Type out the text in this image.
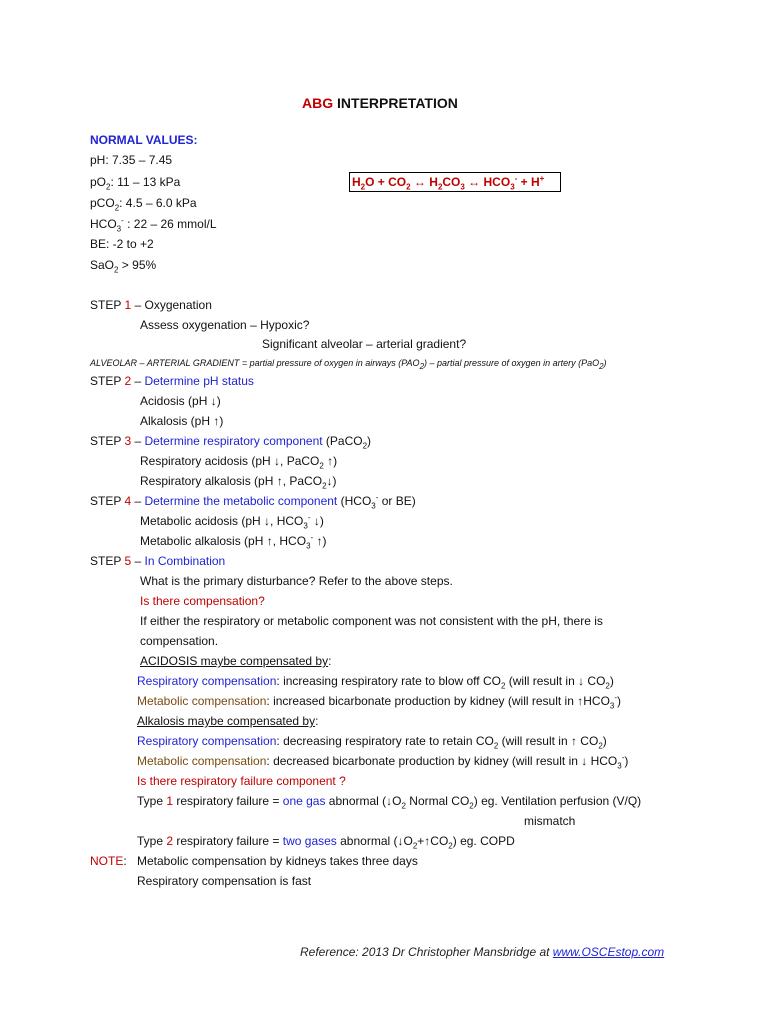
ABG INTERPRETATION
NORMAL VALUES:
pH: 7.35 – 7.45
$pO_2$: 11 – 13 kPa
pCO$_2$: 4.5 – 6.0 kPa
$HCO_3^-$ : 22 – 26 mmol/L
BE: -2 to +2
SaO$_2$ > 95%
$H_2O + CO_2$ ↔ $H_2CO_3$ ↔ $HCO_3^- + H^+$
STEP 1 – Oxygenation
Assess oxygenation – Hypoxic?
Significant alveolar – arterial gradient?
ALVEOLAR – ARTERIAL GRADIENT = partial pressure of oxygen in airways $(PAO_2)$ – partial pressure of oxygen in artery (PaO$_2$)
STEP 2 – Determine pH status
Acidosis (pH ↓)
Alkalosis (pH ↑)
STEP 3 – Determine respiratory component (PaCO$_2$)
Respiratory acidosis (pH ↓, PaCO$_2$ ↑)
Respiratory alkalosis (pH ↑, PaCO$_2$↓)
STEP 4 – Determine the metabolic component ($HCO_3^-$ or BE)
Metabolic acidosis (pH ↓, $HCO_3^-$ ↓)
Metabolic alkalosis (pH ↑, $HCO_3^-$ ↑)
STEP 5 – In Combination
What is the primary disturbance? Refer to the above steps.
Is there compensation?
If either the respiratory or metabolic component was not consistent with the pH, there is
compensation.
ACIDOSIS maybe compensated by:
Respiratory compensation: increasing respiratory rate to blow off $CO_2$ (will result in ↓ $CO_2$)
Metabolic compensation: increased bicarbonate production by kidney (will result in $↑HCO_3^-$)
Alkalosis maybe compensated by:
Respiratory compensation: decreasing respiratory rate to retain $CO_2$ (will result in ↑ $CO_2$)
Metabolic compensation: decreased bicarbonate production by kidney (will result in ↓ $HCO_3^-$)
Is there respiratory failure component ?
Type 1 respiratory failure = one gas abnormal ($↓O_2$ Normal $CO_2$) eg. Ventilation perfusion (V/Q)
mismatch
Type 2 respiratory failure = two gases abnormal $(↓O_2+↑CO_2)$ eg. COPD
NOTE: Metabolic compensation by kidneys takes three days
Respiratory compensation is fast
Reference: 2013 Dr Christopher Mansbridge at www.OSCEstop.com
